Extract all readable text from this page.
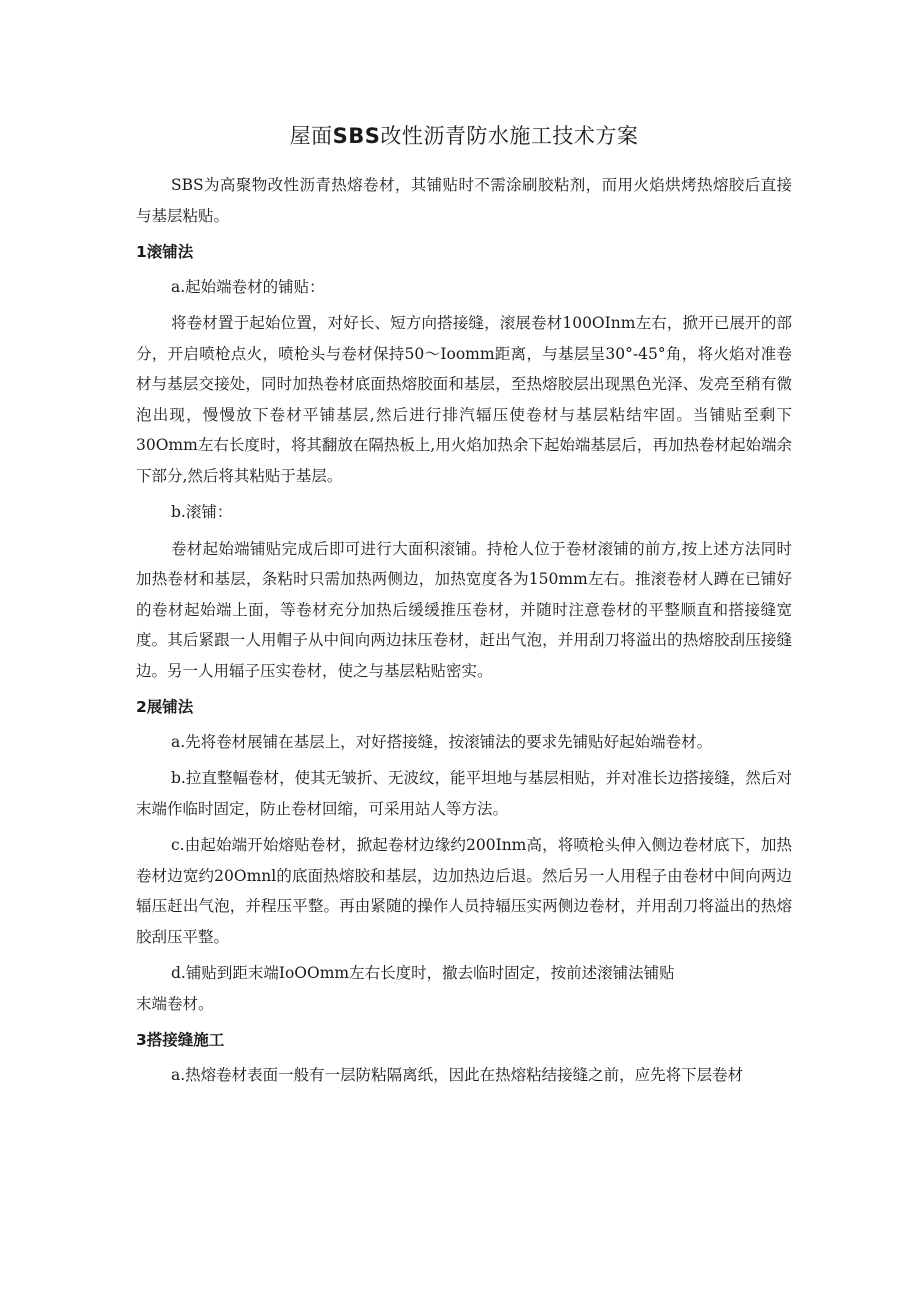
屋面SBS改性沥青防水施工技术方案

SBS为高聚物改性沥青热熔卷材，其铺贴时不需涂刷胶粘剂，而用火焰烘烤热熔胶后直接与基层粘贴。

1滚铺法

a.起始端卷材的铺贴：

将卷材置于起始位置，对好长、短方向搭接缝，滚展卷材100OInm左右，掀开已展开的部分，开启喷枪点火，喷枪头与卷材保持50～Ioomm距离，与基层呈30°-45°角，将火焰对准卷材与基层交接处，同时加热卷材底面热熔胶面和基层，至热熔胶层出现黑色光泽、发亮至稍有微泡出现，慢慢放下卷材平铺基层,然后进行排汽辐压使卷材与基层粘结牢固。当铺贴至剩下30Omm左右长度时，将其翻放在隔热板上,用火焰加热余下起始端基层后，再加热卷材起始端余下部分,然后将其粘贴于基层。

b.滚铺：

卷材起始端铺贴完成后即可进行大面积滚铺。持枪人位于卷材滚铺的前方,按上述方法同时加热卷材和基层，条粘时只需加热两侧边，加热宽度各为150mm左右。推滚卷材人蹲在已铺好的卷材起始端上面，等卷材充分加热后缓缓推压卷材，并随时注意卷材的平整顺直和搭接缝宽度。其后紧跟一人用帽子从中间向两边抹压卷材，赶出气泡，并用刮刀将溢出的热熔胶刮压接缝边。另一人用辐子压实卷材，使之与基层粘贴密实。

2展铺法

a.先将卷材展铺在基层上，对好搭接缝，按滚铺法的要求先铺贴好起始端卷材。

b.拉直整幅卷材，使其无皱折、无波纹，能平坦地与基层相贴，并对准长边搭接缝，然后对末端作临时固定，防止卷材回缩，可采用站人等方法。

c.由起始端开始熔贴卷材，掀起卷材边缘约200Inm高，将喷枪头伸入侧边卷材底下，加热卷材边宽约20Omnl的底面热熔胶和基层，边加热边后退。然后另一人用程子由卷材中间向两边辐压赶出气泡，并程压平整。再由紧随的操作人员持辐压实两侧边卷材，并用刮刀将溢出的热熔胶刮压平整。

d.铺贴到距末端IoOOmm左右长度时，撤去临时固定，按前述滚铺法铺贴

末端卷材。

3搭接缝施工

a.热熔卷材表面一般有一层防粘隔离纸，因此在热熔粘结接缝之前，应先将下层卷材
